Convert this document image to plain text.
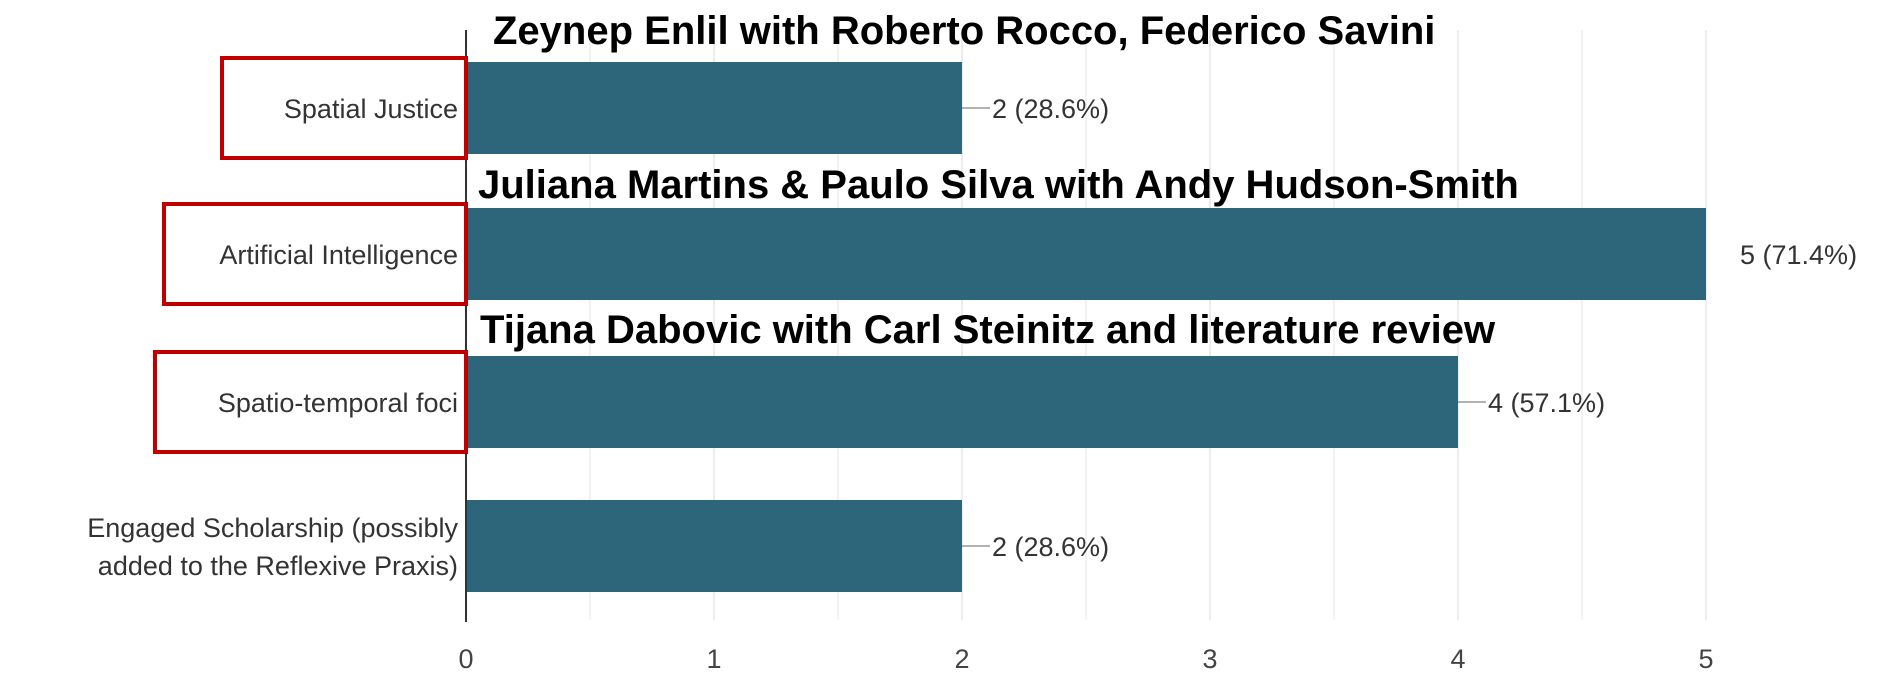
2 (28.6%)
5 (71.4%)
4 (57.1%)
2 (28.6%)
0	1	2	3	4	5
Spatial Justice
Artificial Intelligence
Spatio-temporal foci
Engaged Scholarship (possibly
added to the Reflexive Praxis)
Zeynep Enlil with Roberto Rocco, Federico Savini
Juliana Martins & Paulo Silva with Andy Hudson-Smith
Tijana Dabovic with Carl Steinitz and literature review
